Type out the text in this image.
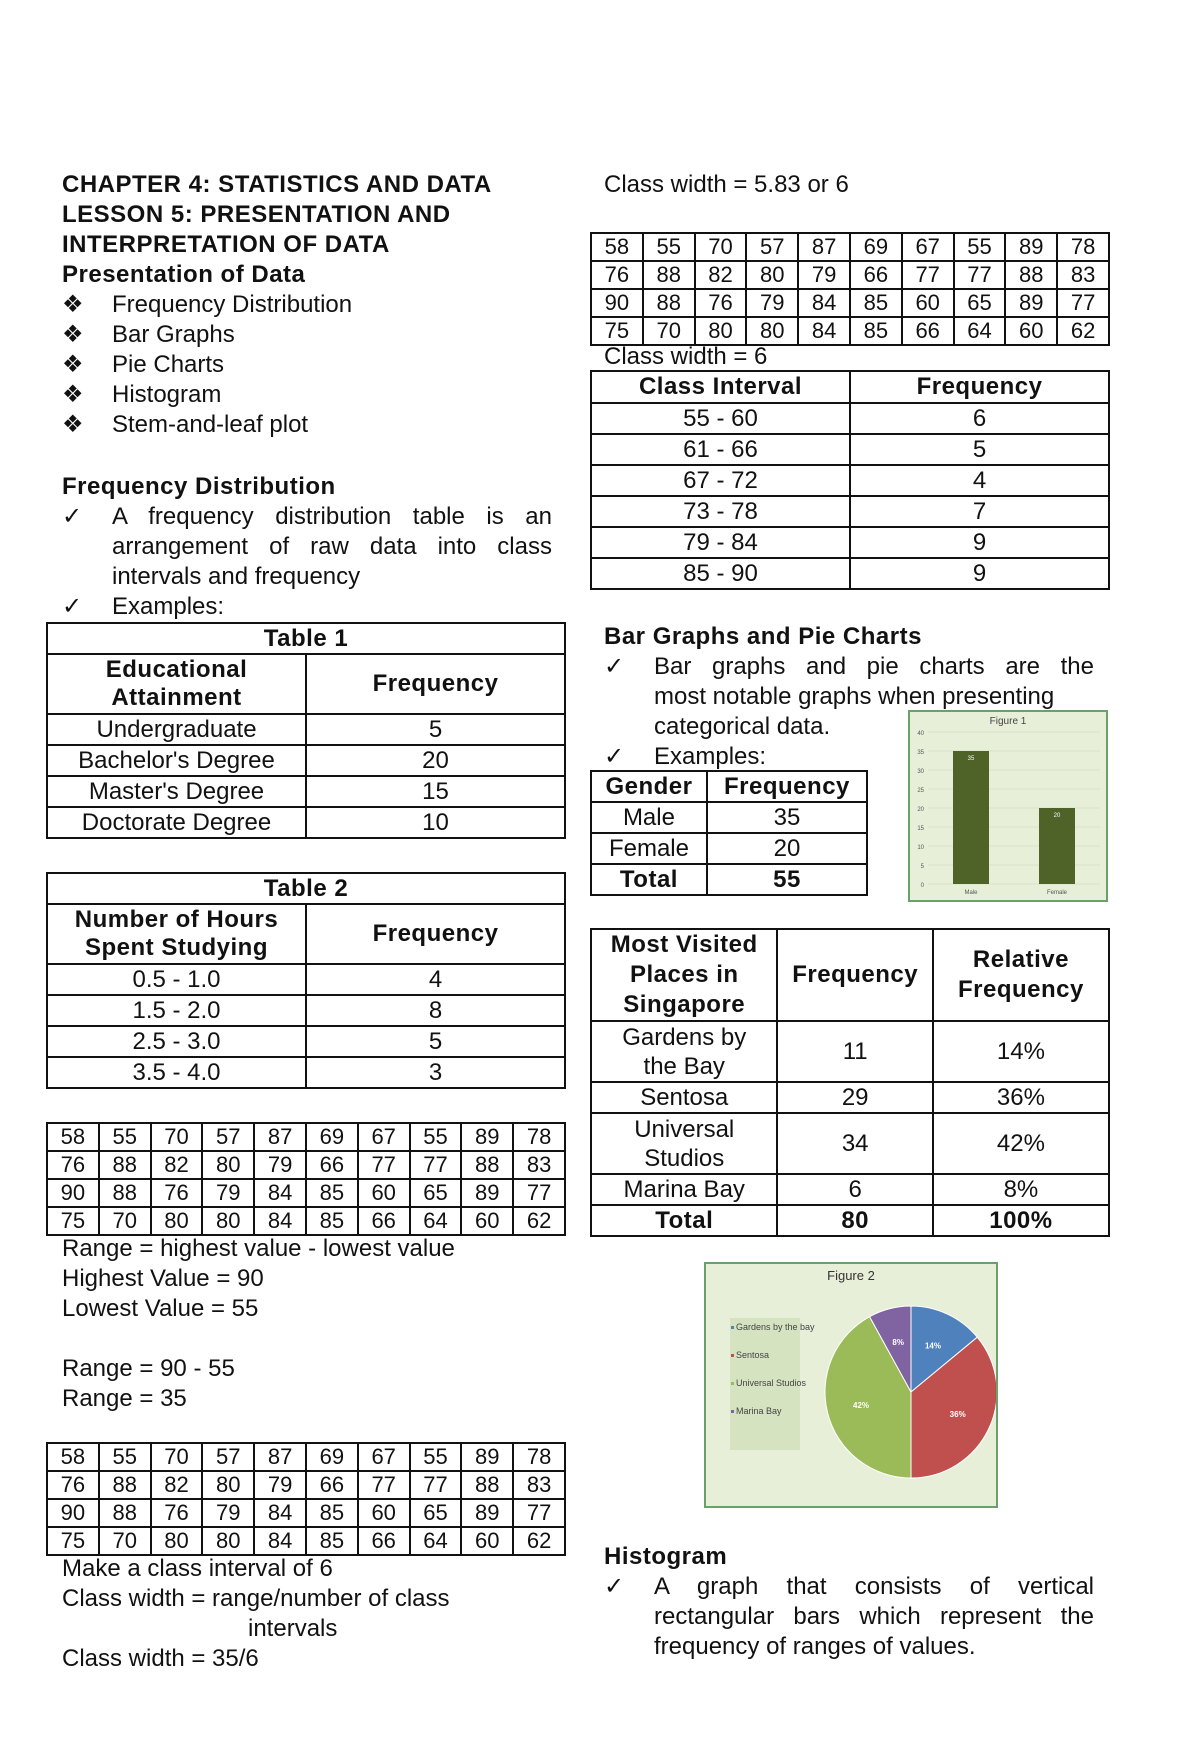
CHAPTER 4: STATISTICS AND DATA
LESSON 5: PRESENTATION AND
INTERPRETATION OF DATA
Presentation of Data
❖ Frequency Distribution
❖ Bar Graphs
❖ Pie Charts
❖ Histogram
❖ Stem-and-leaf plot
Frequency Distribution
✓ A frequency distribution table is an
arrangement of raw data into class
intervals and frequency
✓ Examples:
Table 1	
Educational
Attainment	Frequency
Undergraduate	5
Bachelor's Degree	20
Master's Degree	15
Doctorate Degree	10
Table 2	
Number of Hours
Spent Studying	Frequency
0.5 - 1.0	4
1.5 - 2.0	8
2.5 - 3.0	5
3.5 - 4.0	3
58	55	70	57	87	69	67	55	89	78
76	88	82	80	79	66	77	77	88	83
90	88	76	79	84	85	60	65	89	77
75	70	80	80	84	85	66	64	60	62
Range = highest value - lowest value
Highest Value = 90
Lowest Value = 55
Range = 90 - 55
Range = 35
58	55	70	57	87	69	67	55	89	78
76	88	82	80	79	66	77	77	88	83
90	88	76	79	84	85	60	65	89	77
75	70	80	80	84	85	66	64	60	62
Make a class interval of 6
Class width = range/number of class
intervals
Class width = 35/6
Class width = 5.83 or 6
58	55	70	57	87	69	67	55	89	78
76	88	82	80	79	66	77	77	88	83
90	88	76	79	84	85	60	65	89	77
75	70	80	80	84	85	66	64	60	62
Class width = 6
Class Interval	Frequency
55 - 60	6
61 - 66	5
67 - 72	4
73 - 78	7
79 - 84	9
85 - 90	9
Bar Graphs and Pie Charts
✓ Bar graphs and pie charts are the
most notable graphs when presenting
categorical data.
✓ Examples:
Gender	Frequency
Male	35
Female	20
Total	55
Figure 1
0
5
10
15
20
25
30
35
40
35
Male
20
Female
Most Visited
Places in
Singapore	Frequency	Relative
Frequency
Gardens by
the Bay	11	14%
Sentosa	29	36%
Universal
Studios	34	42%
Marina Bay	6	8%
Total	80	100%
Figure 2
Gardens by the bay
Sentosa
Universal Studios
Marina Bay
14%
36%
42%
8%
Histogram
✓ A graph that consists of vertical
rectangular bars which represent the
frequency of ranges of values.
